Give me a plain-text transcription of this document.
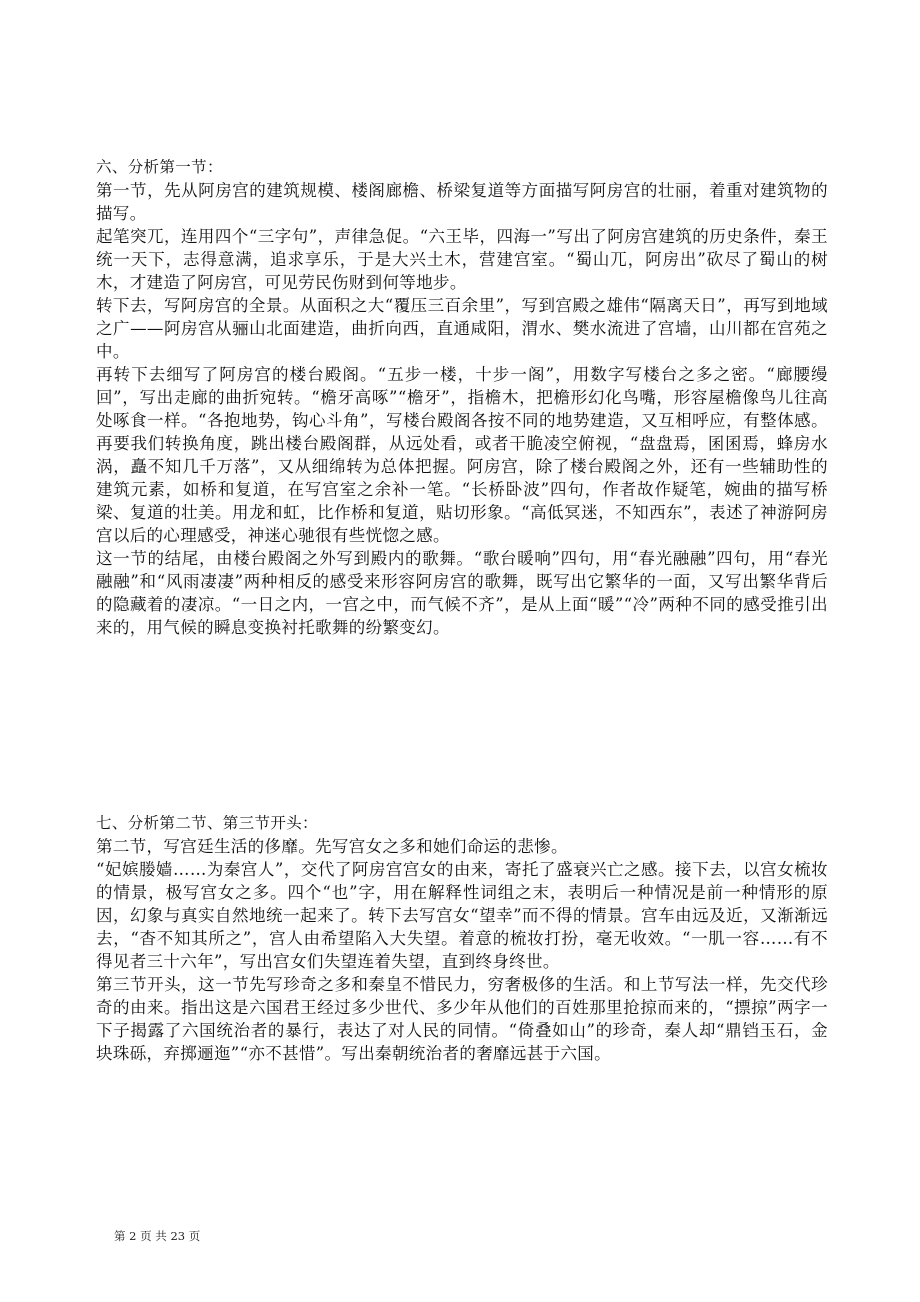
六、分析第一节：

第一节，先从阿房宫的建筑规模、楼阁廊檐、桥梁复道等方面描写阿房宫的壮丽，着重对建筑物的描写。

起笔突兀，连用四个“三字句”，声律急促。“六王毕，四海一”写出了阿房宫建筑的历史条件，秦王统一天下，志得意满，追求享乐，于是大兴土木，营建宫室。“蜀山兀，阿房出”砍尽了蜀山的树木，才建造了阿房宫，可见劳民伤财到何等地步。

转下去，写阿房宫的全景。从面积之大“覆压三百余里”，写到宫殿之雄伟“隔离天日”，再写到地域之广——阿房宫从骊山北面建造，曲折向西，直通咸阳，渭水、樊水流进了宫墙，山川都在宫苑之中。

再转下去细写了阿房宫的楼台殿阁。“五步一楼，十步一阁”，用数字写楼台之多之密。“廊腰缦回”，写出走廊的曲折宛转。“檐牙高啄”“檐牙”，指檐木，把檐形幻化鸟嘴，形容屋檐像鸟儿往高处啄食一样。“各抱地势，钩心斗角”，写楼台殿阁各按不同的地势建造，又互相呼应，有整体感。再要我们转换角度，跳出楼台殿阁群，从远处看，或者干脆凌空俯视，“盘盘焉，囷囷焉，蜂房水涡，矗不知几千万落”，又从细绵转为总体把握。阿房宫，除了楼台殿阁之外，还有一些辅助性的建筑元素，如桥和复道，在写宫室之余补一笔。“长桥卧波”四句，作者故作疑笔，婉曲的描写桥梁、复道的壮美。用龙和虹，比作桥和复道，贴切形象。“高低冥迷，不知西东”，表述了神游阿房宫以后的心理感受，神迷心驰很有些恍惚之感。

这一节的结尾，由楼台殿阁之外写到殿内的歌舞。“歌台暖响”四句，用“春光融融”四句，用“春光融融”和“风雨凄凄”两种相反的感受来形容阿房宫的歌舞，既写出它繁华的一面，又写出繁华背后的隐藏着的凄凉。“一日之内，一宫之中，而气候不齐”，是从上面“暖”“冷”两种不同的感受推引出来的，用气候的瞬息变换衬托歌舞的纷繁变幻。

七、分析第二节、第三节开头：

第二节，写宫廷生活的侈靡。先写宫女之多和她们命运的悲惨。

“妃嫔媵嫱……为秦宫人”，交代了阿房宫宫女的由来，寄托了盛衰兴亡之感。接下去，以宫女梳妆的情景，极写宫女之多。四个“也”字，用在解释性词组之末，表明后一种情况是前一种情形的原因，幻象与真实自然地统一起来了。转下去写宫女“望幸”而不得的情景。宫车由远及近，又渐渐远去，“杳不知其所之”，宫人由希望陷入大失望。着意的梳妆打扮，毫无收效。“一肌一容……有不得见者三十六年”，写出宫女们失望连着失望，直到终身终世。

第三节开头，这一节先写珍奇之多和秦皇不惜民力，穷奢极侈的生活。和上节写法一样，先交代珍奇的由来。指出这是六国君王经过多少世代、多少年从他们的百姓那里抢掠而来的，“摽掠”两字一下子揭露了六国统治者的暴行，表达了对人民的同情。“倚叠如山”的珍奇，秦人却“鼎铛玉石，金块珠砾，弃掷逦迤”“亦不甚惜”。写出秦朝统治者的奢靡远甚于六国。

第 2 页 共 23 页
